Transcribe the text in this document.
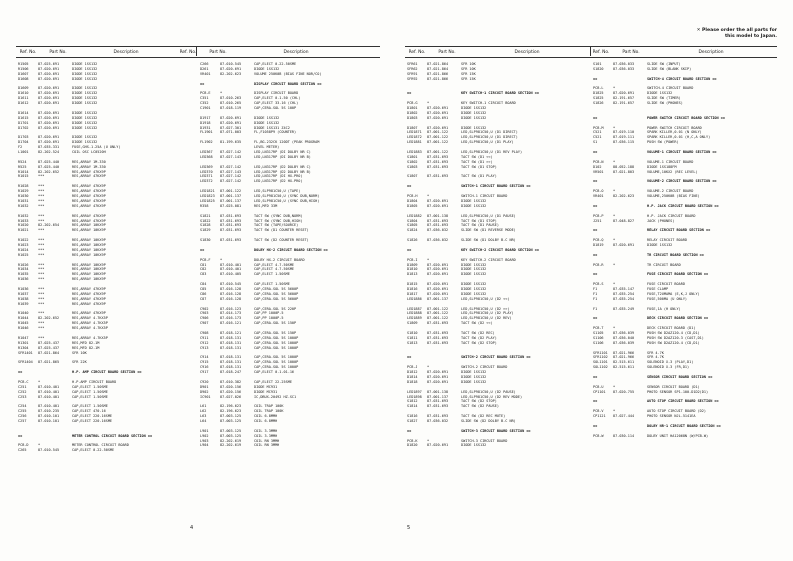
Ref. No.	Part No.	Description	Ref. No.	Part No.	Description
R1505	87-025-691	DIODE 1SS132
R1506	87-020-691	DIODE 1SS132
D1607	87-020-691	DIODE 1SS132
D1608	87-020-691	DIODE 1SS132
D1609	87-020-691	DIODE 1SS132
D1610	87-020-691	DIODE 1SS132
D1611	87-020-691	DIODE 1SS132
D1612	87-020-691	DIODE 1SS132
D1614	87-020-691	DIODE 1SS132
D1615	87-020-691	DIODE 1SS132
D1701	87-020-691	DIODE 1SS132
D1702	87-020-691	DIODE 1SS132
D1703	87-020-691	DIODE 1SS132
D1704	87-020-691	DIODE 1SS132
F2	87-035-331	FUSE,GHS-1.25A (U ONLY)
L1001	82-202-524	COIL OSC LC0520H
R524	87-025-440	RES,ARRAY 1M-330
R525	87-025-440	RES,ARRAY 1M-330
R1014	82-202-652	RES,ARRAY 47KX9P
R1015	***	RES,ARRAY 47KX9P
R1028	***	RES,ARRAY 47KX9P
R1029	***	RES,ARRAY 47KX9P
R1030	***	RES,ARRAY 47KX9P
R1031	***	RES,ARRAY 47KX9P
R1032	***	RES,ARRAY 47KX9P
R1032	***	RES,ARRAY 47KX9P
R1033	***	RES,ARRAY 47KX9P
R1020	82-202-654	RES,ARRAY 10KX9P
R1021	***	RES,ARRAY 10KX9P
R1022	***	RES,ARRAY 10KX9P
R1023	***	RES,ARRAY 10KX9P
R1024	***	RES,ARRAY 10KX9P
R1025	***	RES,ARRAY 10KX9P
R1026	***	RES,ARRAY 10KX9P
R1034	***	RES,ARRAY 10KX9P
R1035	***	RES,ARRAY 10KX9P
R1036	***	RES,ARRAY 10KX9P
R1036	***	RES,ARRAY 47KX9P
R1037	***	RES,ARRAY 47KX9P
R1038	***	RES,ARRAY 47KX9P
R1039	***	RES,ARRAY 47KX9P
R1040	***	RES,ARRAY 47KX9P
R1044	82-202-652	RES,ARRAY 4.7KX5P
R1045	***	RES,ARRAY 4.7KX5P
R1046	***	RES,ARRAY 4.7KX5P
R1047	***	RES,ARRAY 4.7KX5P
R1301	87-025-437	RES,MFD 82-1M
R1304	87-025-437	RES,MFD 82-1M
SFR1401 87-021-864	SFR 10K
SFR1404 87-021-865	SFR 22K
==	H.P. AMP CIRCUIT BOARD SECTION ==
PCB-C	*	H.P.AMP CIRCUIT BOARD
C251	87-010-401	CAP,ELECT 1-50SME
C252	87-010-401	CAP,ELECT 1-50SME
C253	87-010-401	CAP,ELECT 1-50SME
C254	87-010-401	CAP,ELECT 1-50SME
C255	87-010-235	CAP,ELECT 470-16
C256	87-010-101	CAP,ELECT 220-16SME
C257	87-010-101	CAP,ELECT 220-16SME
==	METER CONTROL CIRCUIT BOARD SECTION ==
PCB-D	*	METER CONTROL CIRCUIT BOARD
C265	87-010-545	CAP,ELECT 0.22-50SME
C266	87-010-545	CAP,ELECT 0.22-50SME
D261	87-020-691	DIODE 1SS132
VR401	82-202-623	VOLUME 250K0B (BIAS FINE NOR/CO)
==	DISPLAY CIRCUIT BOARD SECTION ==
PCB-E	*	DISPLAY CIRCUIT BOARD
C351	87-010-263	CAP,ELECT 0.1-50 (CHL)
C352	87-010-265	CAP,ELECT 33-16 (CHL)
C1901	87-018-119	CAP,CERA-SOL 5S 100P
D1917	87-020-691	DIODE 1SS132
D1918	87-020-691	DIODE 1SS132
D1931	87-027-301	DIODE 1SS131 Z4C2
FL1901 87-071-003	FL,F1058P9 (COUNTER)
FL1902 81-199-635	FL,BG-232CK 120DT (PEAK PROGRAM
LEVEL METER)
LED367 87-027-142	LED,LN317RP (DI DOLBY NR C)
LED368 87-027-143	LED,LN317RP (DI DOLBY NR B)
LED369 87-027-142	LED,LN317RP (D2 DOLBY NR C)
LED370 87-027-143	LED,LN317RP (D2 DOLBY NR B)
LED371 87-027-142	LED,LN317RP (DI HX-PRO)
LED372 87-027-142	LED,LN317RP (D2 HX-PRO)
LED1821 87-001-122	LED,SLP981C50,U (TAPE)
LED1823 87-001-137	LED,SLP981C50,U (SYNC DUB,NORM)
LED1825 87-001-137	LED,SLP981C50,U (SYNC DUB,HIGH)
R358	87-025-081	RES,MFD 33M
S1821	87-031-693	TACT SW (SYNC DUB,NORM)
S1822	87-031-693	TACT SW (SYNC DUB,HIGH)
S1828	87-031-693	TACT SW (TAPE/SOURCE)
S1829	87-031-693	TACT SW (D1 COUNTER RESET)
S1830	87-031-693	TACT SW (D2 COUNTER RESET)
==	DOLBY HX-2 CIRCUIT BOARD SECTION ==
PCB-F	*	DOLBY HX-2 CIRCUIT BOARD
C81	87-010-401	CAP,ELECT 4.7-50SME
C82	87-010-401	CAP,ELECT 4.7-50SME
C83	87-010-405	CAP,ELECT 1-50SME
C84	87-010-545	CAP,ELECT 1-50SME
C85	87-016-128	CAP,CERA-SOL 5S 5600P
C86	87-016-128	CAP,CERA-SOL 5S 5600P
C87	87-016-128	CAP,CERA-SOL 5S 5600P
C902	87-016-123	CAP,CERA-SOL 5S 220P
C903	87-014-173	CAP,PP 1000P-5
C906	87-016-173	CAP,PP 1000P-5
C907	87-016-121	CAP,CERA-SOL 5S 150P
C908	87-018-121	CAP,CERA-SOL 5S 150P
C911	87-018-131	CAP,CERA-SOL 5S 1000P
C912	87-018-131	CAP,CERA-SOL 5S 1000P
C913	87-018-131	CAP,CERA-SOL 5S 1000P
C914	87-018-131	CAP,CERA-SOL 5S 1000P
C915	87-018-131	CAP,CERA-SOL 5S 1000P
C916	87-018-131	CAP,CERA-SOL 5S 1000P
C917	87-018-247	CAP,ELECT 0.1-01-16
C920	87-010-382	CAP,ELECT 22-25SME
D901	87-020-156	DIODE MC931
D902	87-020-156	DIODE MC931
IC901	87-027-026	IC,DBUX-20492 HZ-SC1
L61	82-196-623	COIL TRAP 100K
L62	82-196-623	COIL TRAP 100K
L63	87-003-125	COIL 6.8MMH
L64	87-003-125	COIL 6.8MMH
L901	87-003-125	COIL 3.3MMH
L902	87-003-125	COIL 3.3MMH
L903	82-202-619	COIL RN 3MMH
L904	82-202-619	COIL RN 3MMH
4
✕ Please order the all parts for
this model to Japan.
Ref. No.	Part No.	Description	Ref. No.	Part No.	Description
SFR61	87-021-864	SFR 10K
SFR62	87-021-864	SFR 10K
SFR91	87-021-866	SFR 15K
SFR92	87-021-866	SFR 15K
==	KEY SWITCH-1 CIRCUIT BOARD SECTION ==
PCB-G	*	KEY SWITCH-1 CIRCUIT BOARD
D1801	87-020-691	DIODE 1SS132
D1802	87-020-691	DIODE 1SS132
D1803	87-020-691	DIODE 1SS132
D1807	87-020-691	DIODE 1SS132
LED1871 87-001-122	LED,SLP981C50,U (D1 DIRECT)
LED1872 87-001-122	LED,SLP981C50,U (D1 DIRECT)
LED1881 87-001-122	LED,SLP981C50,U (D1 PLAY)
LED1883 87-001-122	LED,SLP981C50,U (D1 REV PLAY)
S1801	87-031-693	TACT SW (D1 <<)
S1802	87-031-693	TACT SW (D1 >>)
S1803	87-031-693	TACT SW (D1 STOP)
S1807	87-031-693	TACT SW (D1 PLAY)
==	SWITCH-1 CIRCUIT BOARD SECTION ==
PCB-H	*	SWITCH-1 CIRCUIT BOARD
D1804	87-020-691	DIODE 1SS132
D1805	87-020-691	DIODE 1SS132
LED1882 87-001-138	LED,SLP981C50,U (D1 PAUSE)
S1804	87-031-693	TACT SW (D1 STOP)
S1805	87-031-693	TACT SW (D1 PAUSE)
S1824	87-036-032	SLIDE SW (D1 REVERSE MODE)
S1826	87-036-032	SLIDE SW (D1 DOLBY B-C NR)
==	KEY SWITCH-2 CIRCUIT BOARD SECTION ==
PCB-I	*	KEY SWITCH-2 CIRCUIT BOARD
D1809	87-020-691	DIODE 1SS132
D1810	87-020-691	DIODE 1SS132
D1813	87-020-691	DIODE 1SS132
D1815	87-020-691	DIODE 1SS132
D1816	87-020-691	DIODE 1SS132
D1817	87-020-691	DIODE 1SS132
LED1886 87-001-137	LED,SLP981C50,U (D2 <<)
LED1887 87-001-122	LED,SLP981C50,U (D2 >>)
LED1888 87-001-122	LED,SLP981C50,U (D2 PLAY)
LED1889 87-001-122	LED,SLP981C50,U (D2 REV)
S1809	87-031-693	TACT SW (D2 <<)
S1810	87-031-693	TACT SW (D2 REC)
S1811	87-031-693	TACT SW (D2 PLAY)
S1813	87-031-693	TACT SW (D2 STOP)
==	SWITCH-2 CIRCUIT BOARD SECTION ==
PCB-J	*	SWITCH-2 CIRCUIT BOARD
D1812	87-020-691	DIODE 1SS132
D1814	87-020-691	DIODE 1SS132
D1818	87-020-691	DIODE 1SS132
LED1897 87-001-138	LED,SLP981C50,U (D2 PAUSE)
LED1898 87-001-137	LED,SLP981C50,U (D2 REV MODE)
S1812	87-031-693	TACT SW (D2 STOP)
S1814	87-031-693	TACT SW (D2 PAUSE)
S1816	87-031-693	TACT SW (D2 REC MUTE)
S1827	87-036-032	SLIDE SW (D2 DOLBY B-C NR)
==	SWITCH-3 CIRCUIT BOARD SECTION ==
PCB-K	*	SWITCH-3 CIRCUIT BOARD
D1820	87-020-691	DIODE 1SS132
S101	87-036-033	SLIDE SW (INPUT)
S1820	87-036-033	SLIDE SW (BLANK SKIP)
==	SWITCH-4 CIRCUIT BOARD SECTION ==
PCB-L	*	SWITCH-4 CIRCUIT BOARD
D1825	87-020-691	DIODE 1SS132
S1825	82-191-657	SLIDE SW (TIMER)
S1826	82-191-657	SLIDE SW (PHONES)
==	POWER SWITCH CIRCUIT BOARD SECTION ==
PCB-M	*	POWER SWITCH CIRCUIT BOARD
C521	87-019-110	SPARK KILLER,0.01 (N ONLY)
C521	87-019-111	SPARK KILLER,0.01 (H,C,A ONLY)
S1	87-036-115	PUSH SW (POWER)
==	VOLUME-1 CIRCUIT BOARD SECTION ==
PCB-N	*	VOLUME-1 CIRCUIT BOARD
D102	88-052-188	DIODE 1SS188FM
VR501	87-021-803	VOLUME,10KX2 (REC LEVEL)
==	VOLUME-2 CIRCUIT BOARD SECTION ==
PCB-O	*	VOLUME-2 CIRCUIT BOARD
VR401	82-202-623	VOLUME,250K0B (BIAS FINE)
==	H.P. JACK CIRCUIT BOARD SECTION ==
PCB-P	*	H.P. JACK CIRCUIT BOARD
J251	87-048-827	JACK (PHONES)
==	RELAY CIRCUIT BOARD SECTION ==
PCB-Q	*	RELAY CIRCUIT BOARD
D1819	87-020-691	DIODE 1SS132
==	TR CIRCUIT BOARD SECTION ==
PCB-R	*	TR CIRCUIT BOARD
==	FUSE CIRCUIT BOARD SECTION ==
PCB-S	*	FUSE CIRCUIT BOARD
F1	87-035-147	FUSE CLAMP
F1	87-035-254	FUSE,T2UMAMA (E,K,J ONLY)
F1	87-035-254	FUSE,500MA (U ONLY)
F1	87-035-249	FUSE,1A (H ONLY)
==	DECK CIRCUIT BOARD SECTION ==
PCB-T	*	DECK CIRCUIT BOARD (D1)
S1105	87-036-039	PUSH SW D2AZ120-4 (CD,D1)
S1106	87-036-040	PUSH SW D2AZ120-3 (CAST,D1)
S1106	87-036-039	PUSH SW D2AZ120-4 (CD,D1)
SFR1101 87-021-966	SFR 4.7K
SFR1102 87-021-966	SFR 4.7K
SOL1101 82-515-611	SOLENOID X-3 (PLAY,D1)
SOL1102 82-515-611	SOLENOID X-3 (FR,D1)
==	SENSOR CIRCUIT BOARD SECTION ==
PCB-U	*	SENSOR CIRCUIT BOARD (D1)
CP1101 87-020-755	PHOTO SENSOR SP1-100-D1D2(D1)
==	AUTO STOP CIRCUIT BOARD SECTION ==
PCB-V	*	AUTO STOP CIRCUIT BOARD (D2)
CP1121 87-027-444	PHOTO SENSOR NJL-5141EA
==	DOLBY NR-1 CIRCUIT BOARD SECTION ==
PCB-W	87-030-114	DOLBY UNIT HA12068N (W/PCB-W)
5
